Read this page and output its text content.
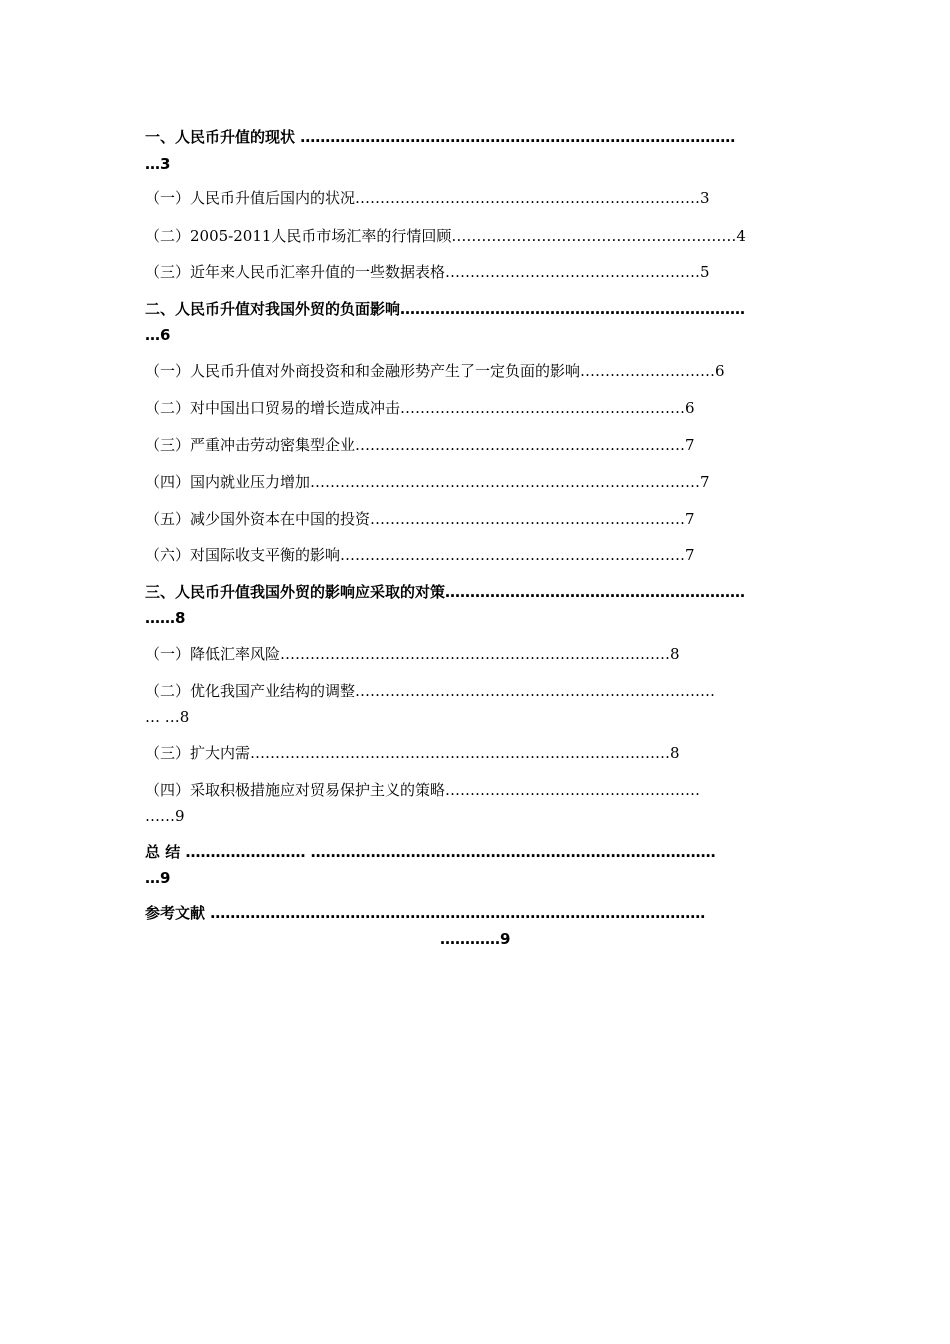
一、人民币升值的现状 ……………………………………………………………………………
…3
（一）人民币升值后国内的状况……………………………………………………………3
（二）2005-2011人民币市场汇率的行情回顾…………………………………………………4
（三）近年来人民币汇率升值的一些数据表格……………………………………………5
二、人民币升值对我国外贸的负面影响……………………………………………………………
…6
（一）人民币升值对外商投资和和金融形势产生了一定负面的影响………………………6
（二）对中国出口贸易的增长造成冲击…………………………………………………6
（三）严重冲击劳动密集型企业…………………………………………………………7
（四）国内就业压力增加……………………………………………………………………7
（五）减少国外资本在中国的投资………………………………………………………7
（六）对国际收支平衡的影响……………………………………………………………7
三、人民币升值我国外贸的影响应采取的对策……………………………………………………
……8
（一）降低汇率风险……………………………………………………………………8
（二）优化我国产业结构的调整………………………………………………………………
… …8
（三）扩大内需…………………………………………………………………………8
（四）采取积极措施应对贸易保护主义的策略……………………………………………
……9
总 结 …………………… ………………………………………………………………………
…9
参考文献 ………………………………………………………………………………………
…………9
